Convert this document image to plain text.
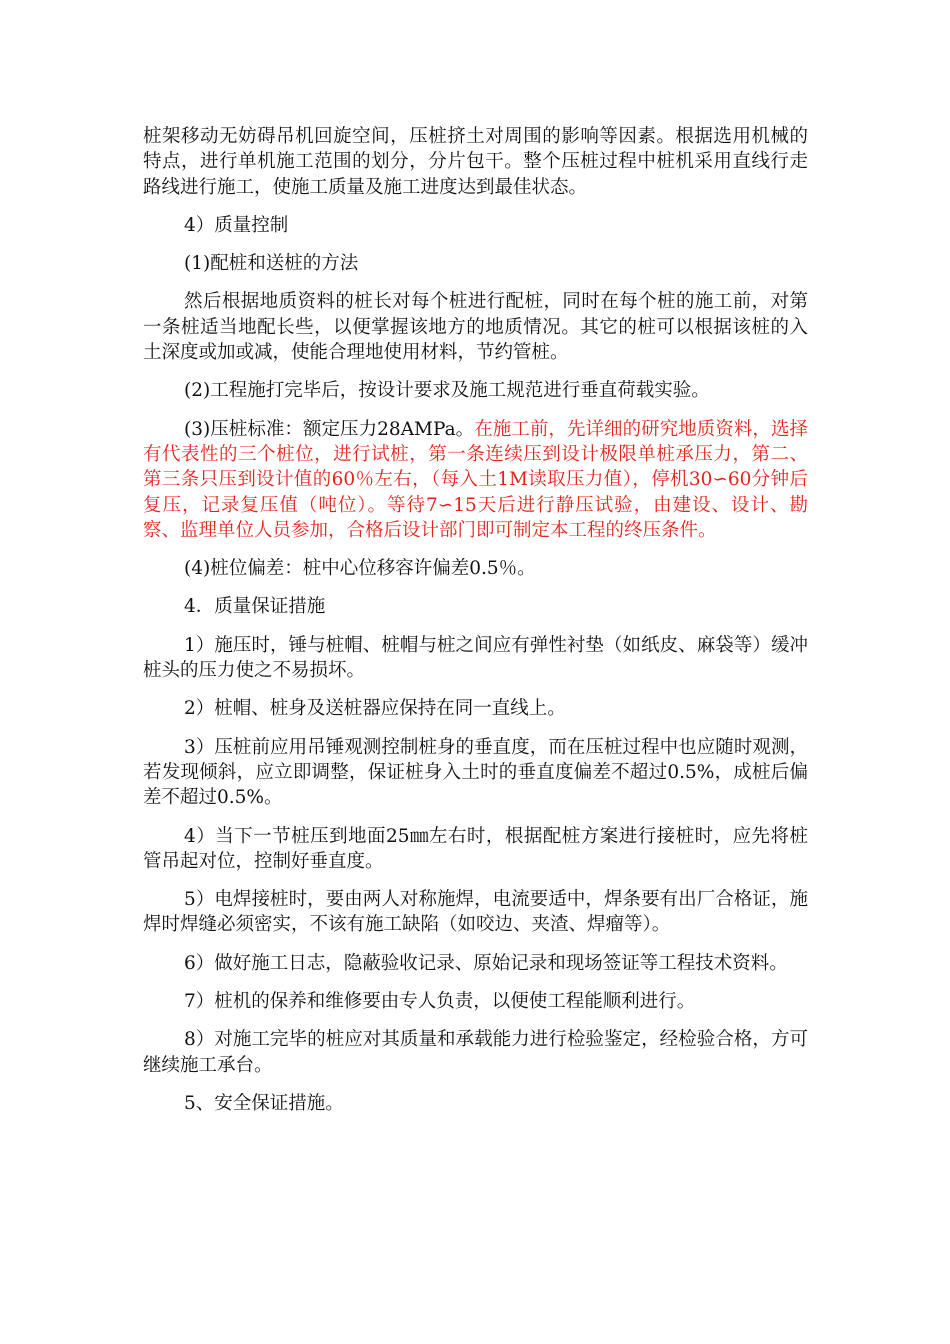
桩架移动无妨碍吊机回旋空间，压桩挤土对周围的影响等因素。根据选用机械的特点，进行单机施工范围的划分，分片包干。整个压桩过程中桩机采用直线行走路线进行施工，使施工质量及施工进度达到最佳状态。

4）质量控制

(1)配桩和送桩的方法

然后根据地质资料的桩长对每个桩进行配桩，同时在每个桩的施工前，对第一条桩适当地配长些，以便掌握该地方的地质情况。其它的桩可以根据该桩的入土深度或加或减，使能合理地使用材料，节约管桩。

(2)工程施打完毕后，按设计要求及施工规范进行垂直荷载实验。

(3)压桩标准：额定压力28AMPa。在施工前，先详细的研究地质资料，选择有代表性的三个桩位，进行试桩，第一条连续压到设计极限单桩承压力，第二、第三条只压到设计值的60％左右，（每入土1M读取压力值），停机30∽60分钟后复压，记录复压值（吨位）。等待7∽15天后进行静压试验，由建设、设计、勘察、监理单位人员参加，合格后设计部门即可制定本工程的终压条件。

(4)桩位偏差：桩中心位移容许偏差0.5％。

4．质量保证措施

1）施压时，锤与桩帽、桩帽与桩之间应有弹性衬垫（如纸皮、麻袋等）缓冲桩头的压力使之不易损坏。

2）桩帽、桩身及送桩器应保持在同一直线上。

3）压桩前应用吊锤观测控制桩身的垂直度，而在压桩过程中也应随时观测，若发现倾斜，应立即调整，保证桩身入土时的垂直度偏差不超过0.5%，成桩后偏差不超过0.5%。

4）当下一节桩压到地面25㎜左右时，根据配桩方案进行接桩时，应先将桩管吊起对位，控制好垂直度。

5）电焊接桩时，要由两人对称施焊，电流要适中，焊条要有出厂合格证，施焊时焊缝必须密实，不该有施工缺陷（如咬边、夹渣、焊瘤等）。

6）做好施工日志，隐蔽验收记录、原始记录和现场签证等工程技术资料。

7）桩机的保养和维修要由专人负责，以便使工程能顺利进行。

8）对施工完毕的桩应对其质量和承载能力进行检验鉴定，经检验合格，方可继续施工承台。

5、安全保证措施。
